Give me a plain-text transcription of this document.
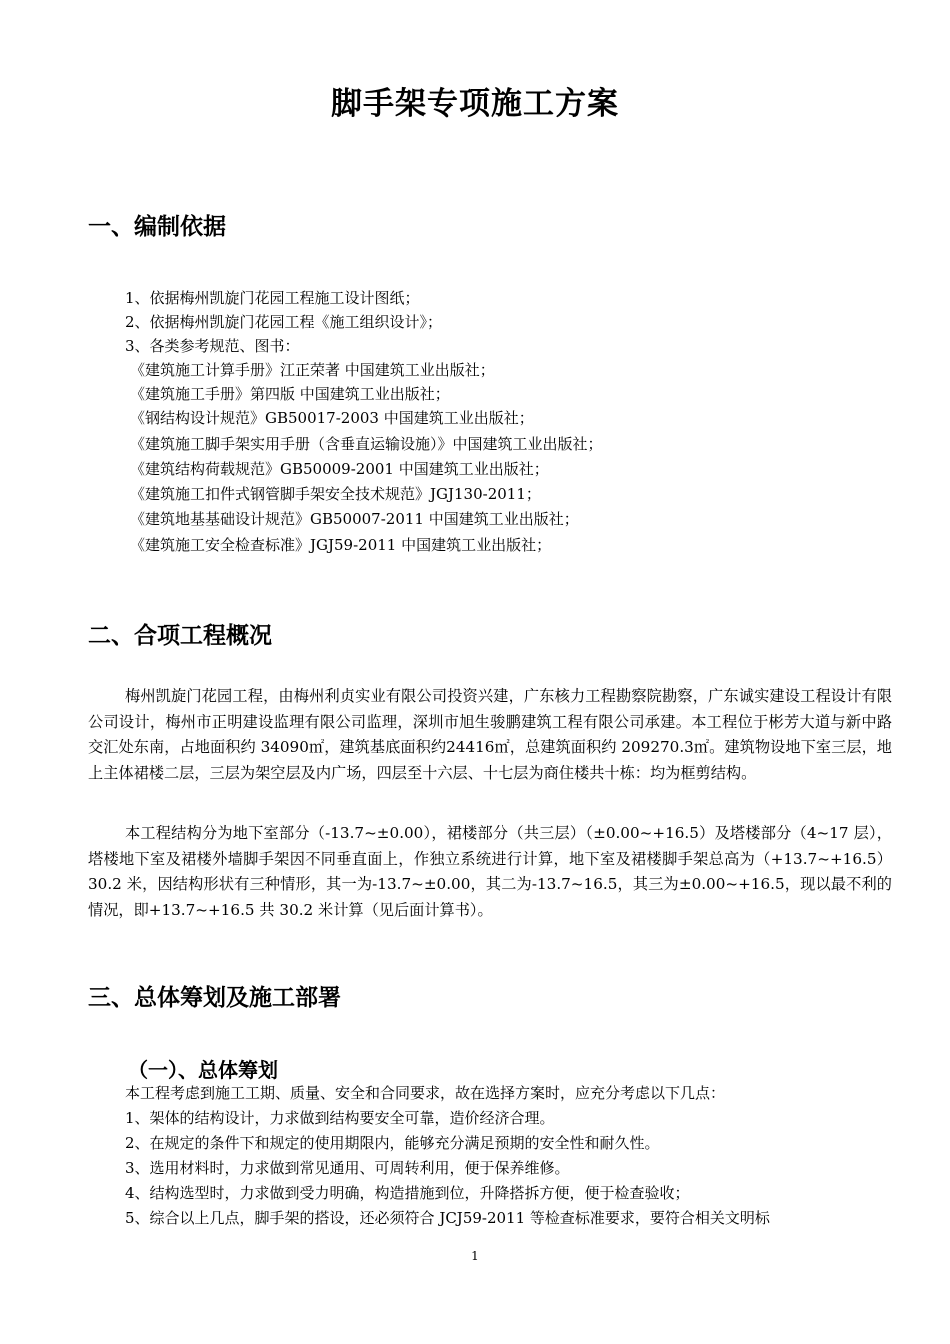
脚手架专项施工方案
一、编制依据
1、依据梅州凯旋门花园工程施工设计图纸；
2、依据梅州凯旋门花园工程《施工组织设计》；
3、各类参考规范、图书：
《建筑施工计算手册》江正荣著 中国建筑工业出版社；
《建筑施工手册》第四版 中国建筑工业出版社；
《钢结构设计规范》GB50017-2003 中国建筑工业出版社；
《建筑施工脚手架实用手册（含垂直运输设施）》中国建筑工业出版社；
《建筑结构荷载规范》GB50009-2001 中国建筑工业出版社；
《建筑施工扣件式钢管脚手架安全技术规范》JGJ130-2011；
《建筑地基基础设计规范》GB50007-2011 中国建筑工业出版社；
《建筑施工安全检查标准》JGJ59-2011 中国建筑工业出版社；
二、合项工程概况
梅州凯旋门花园工程，由梅州利贞实业有限公司投资兴建，广东核力工程勘察院勘察，广东诚实建设工程设计有限公司设计，梅州市正明建设监理有限公司监理，深圳市旭生骏鹏建筑工程有限公司承建。本工程位于彬芳大道与新中路交汇处东南，占地面积约 34090㎡，建筑基底面积约24416㎡，总建筑面积约 209270.3㎡。建筑物设地下室三层，地上主体裙楼二层，三层为架空层及内广场，四层至十六层、十七层为商住楼共十栋：均为框剪结构。
本工程结构分为地下室部分（-13.7~±0.00），裙楼部分（共三层）（±0.00~+16.5）及塔楼部分（4~17 层），塔楼地下室及裙楼外墙脚手架因不同垂直面上，作独立系统进行计算，地下室及裙楼脚手架总高为（+13.7~+16.5）30.2 米，因结构形状有三种情形，其一为-13.7~±0.00，其二为-13.7~16.5，其三为±0.00~+16.5，现以最不利的情况，即+13.7~+16.5 共 30.2 米计算（见后面计算书）。
三、总体筹划及施工部署
（一）、总体筹划
本工程考虑到施工工期、质量、安全和合同要求，故在选择方案时，应充分考虑以下几点：
1、架体的结构设计，力求做到结构要安全可靠，造价经济合理。
2、在规定的条件下和规定的使用期限内，能够充分满足预期的安全性和耐久性。
3、选用材料时，力求做到常见通用、可周转利用，便于保养维修。
4、结构选型时，力求做到受力明确，构造措施到位，升降搭拆方便，便于检查验收；
5、综合以上几点，脚手架的搭设，还必须符合 JCJ59-2011 等检查标准要求，要符合相关文明标
1
